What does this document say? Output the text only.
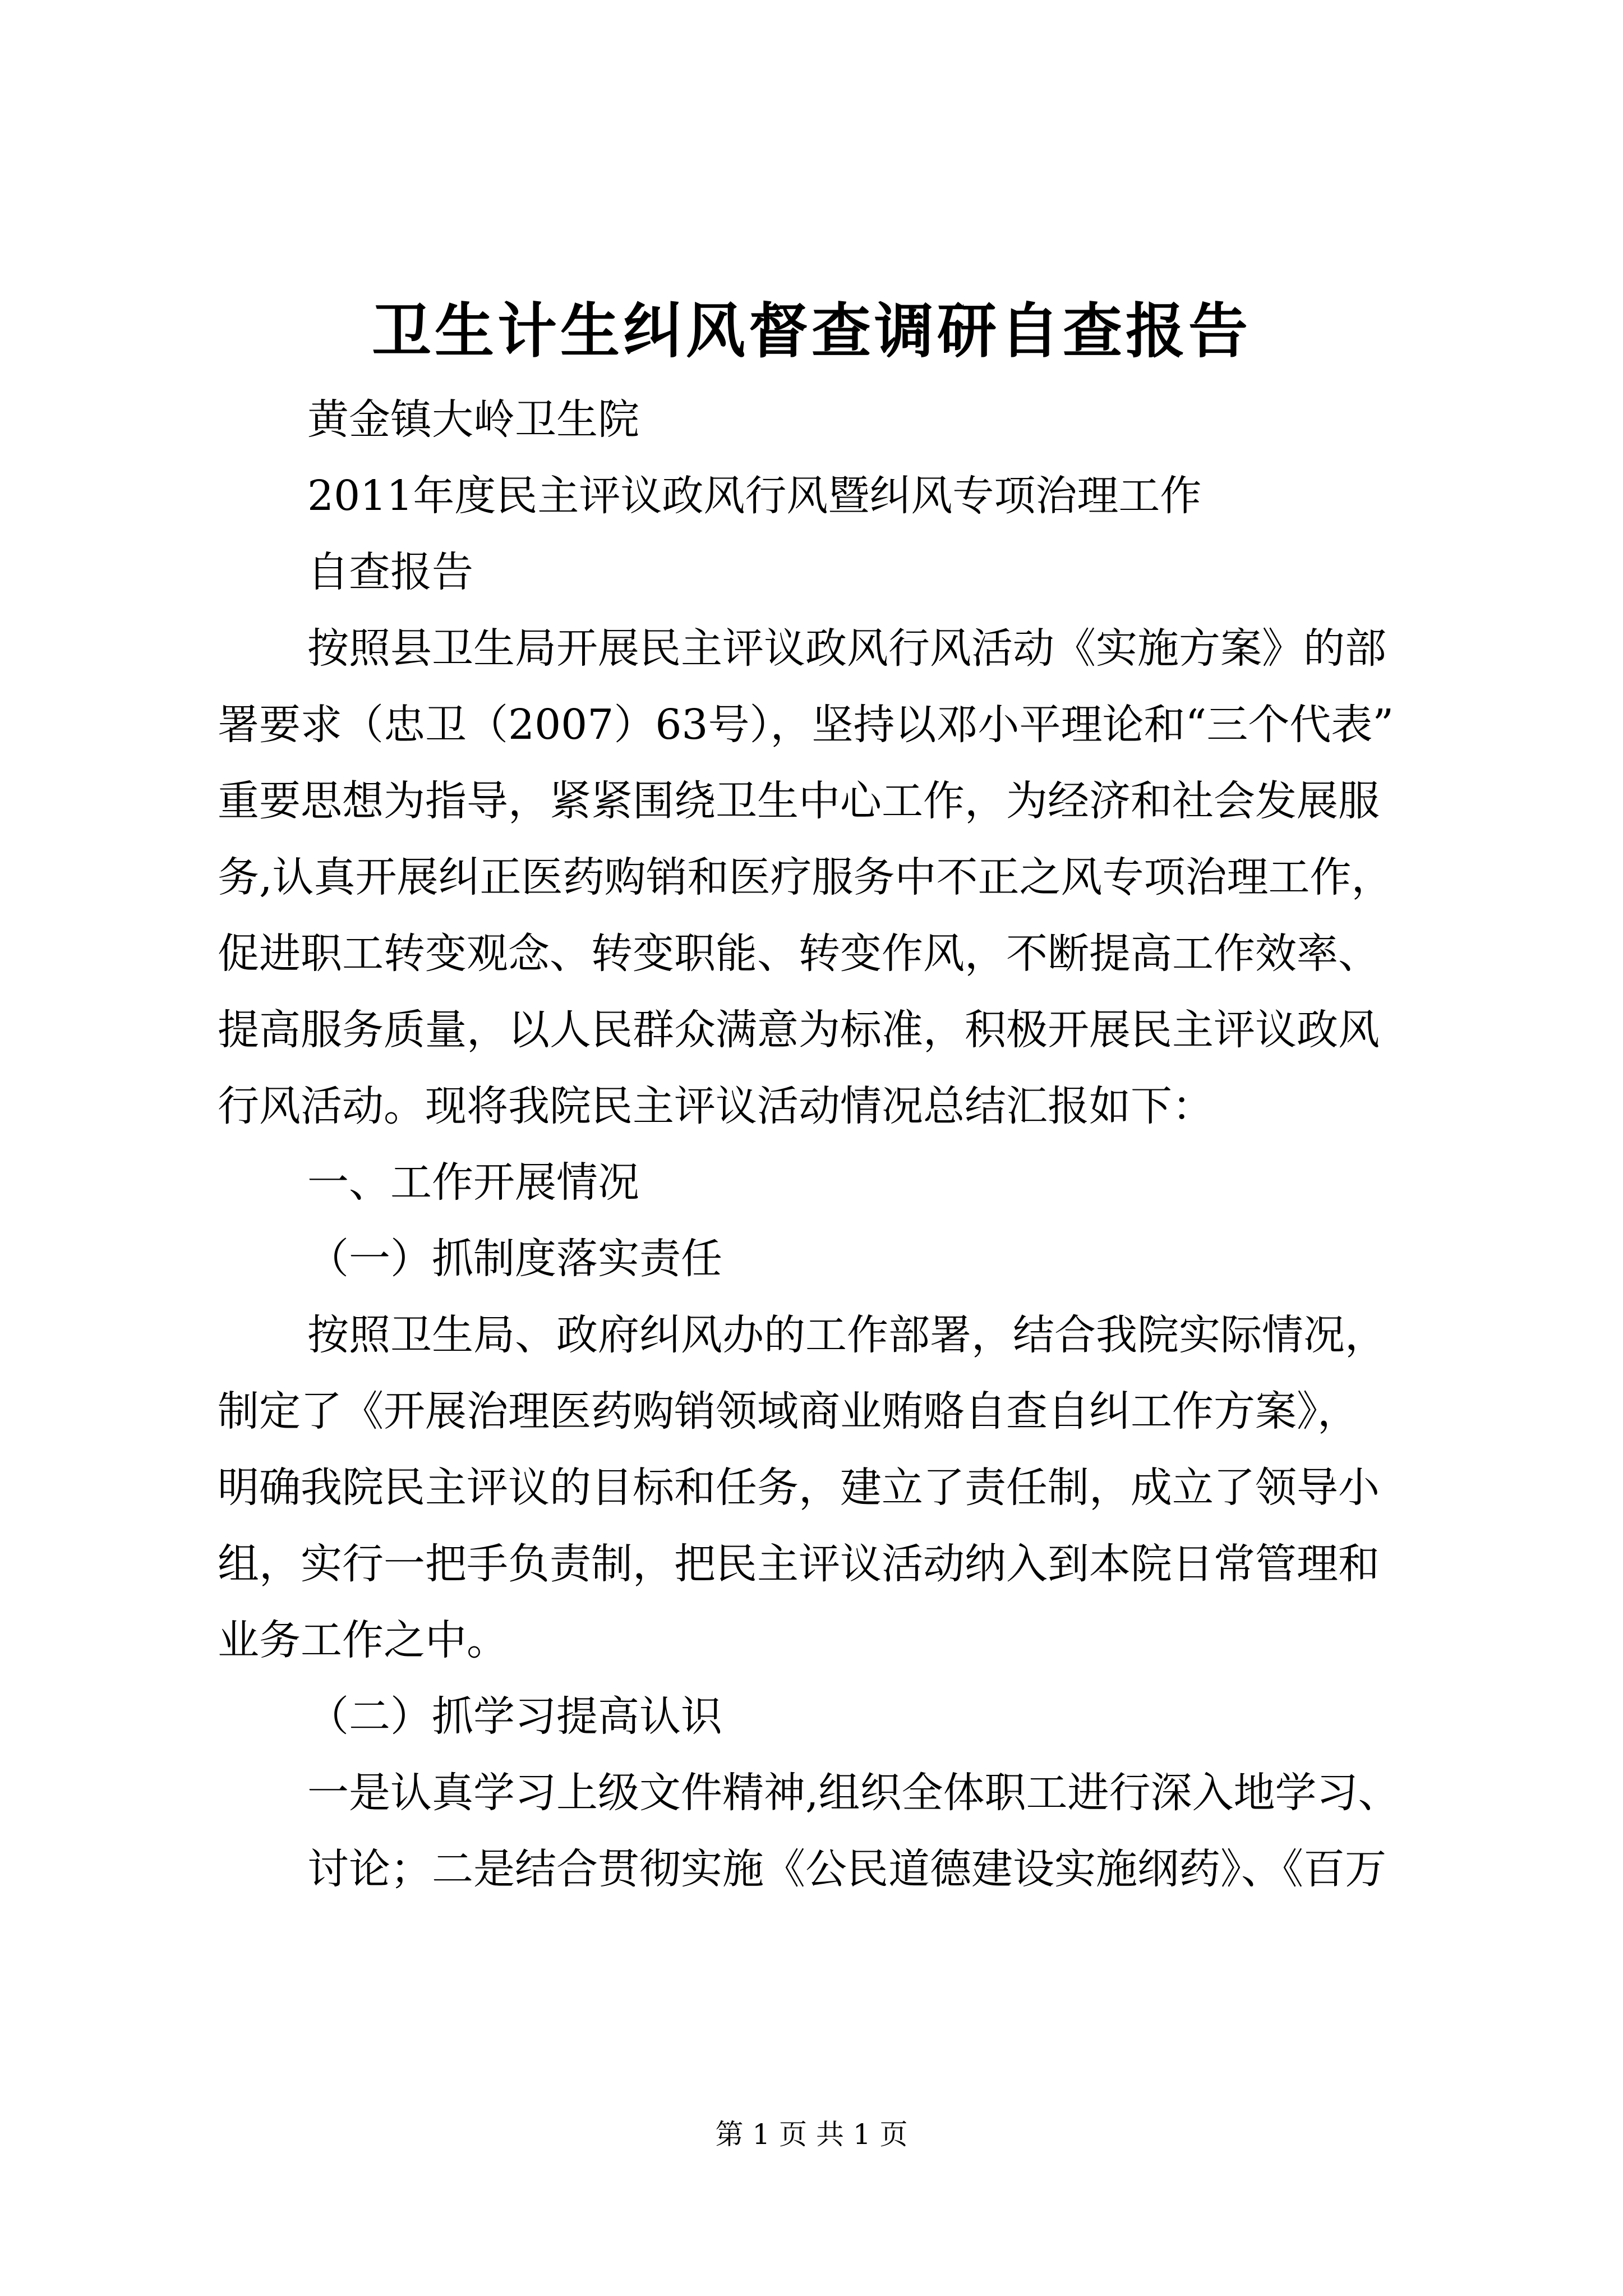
卫生计生纠风督查调研自查报告
黄金镇大岭卫生院
2011年度民主评议政风行风暨纠风专项治理工作
自查报告
按照县卫生局开展民主评议政风行风活动《实施方案》的部
署要求（忠卫（2007）63号），坚持以邓小平理论和“三个代表”
重要思想为指导，紧紧围绕卫生中心工作，为经济和社会发展服
务,认真开展纠正医药购销和医疗服务中不正之风专项治理工作，
促进职工转变观念、转变职能、转变作风，不断提高工作效率、
提高服务质量，以人民群众满意为标准，积极开展民主评议政风
行风活动。现将我院民主评议活动情况总结汇报如下：
一、工作开展情况
（一）抓制度落实责任
按照卫生局、政府纠风办的工作部署，结合我院实际情况，
制定了《开展治理医药购销领域商业贿赂自查自纠工作方案》，
明确我院民主评议的目标和任务，建立了责任制，成立了领导小
组，实行一把手负责制，把民主评议活动纳入到本院日常管理和
业务工作之中。
（二）抓学习提高认识
一是认真学习上级文件精神,组织全体职工进行深入地学习、
讨论；二是结合贯彻实施《公民道德建设实施纲药》、《百万
第 1 页 共 1 页
